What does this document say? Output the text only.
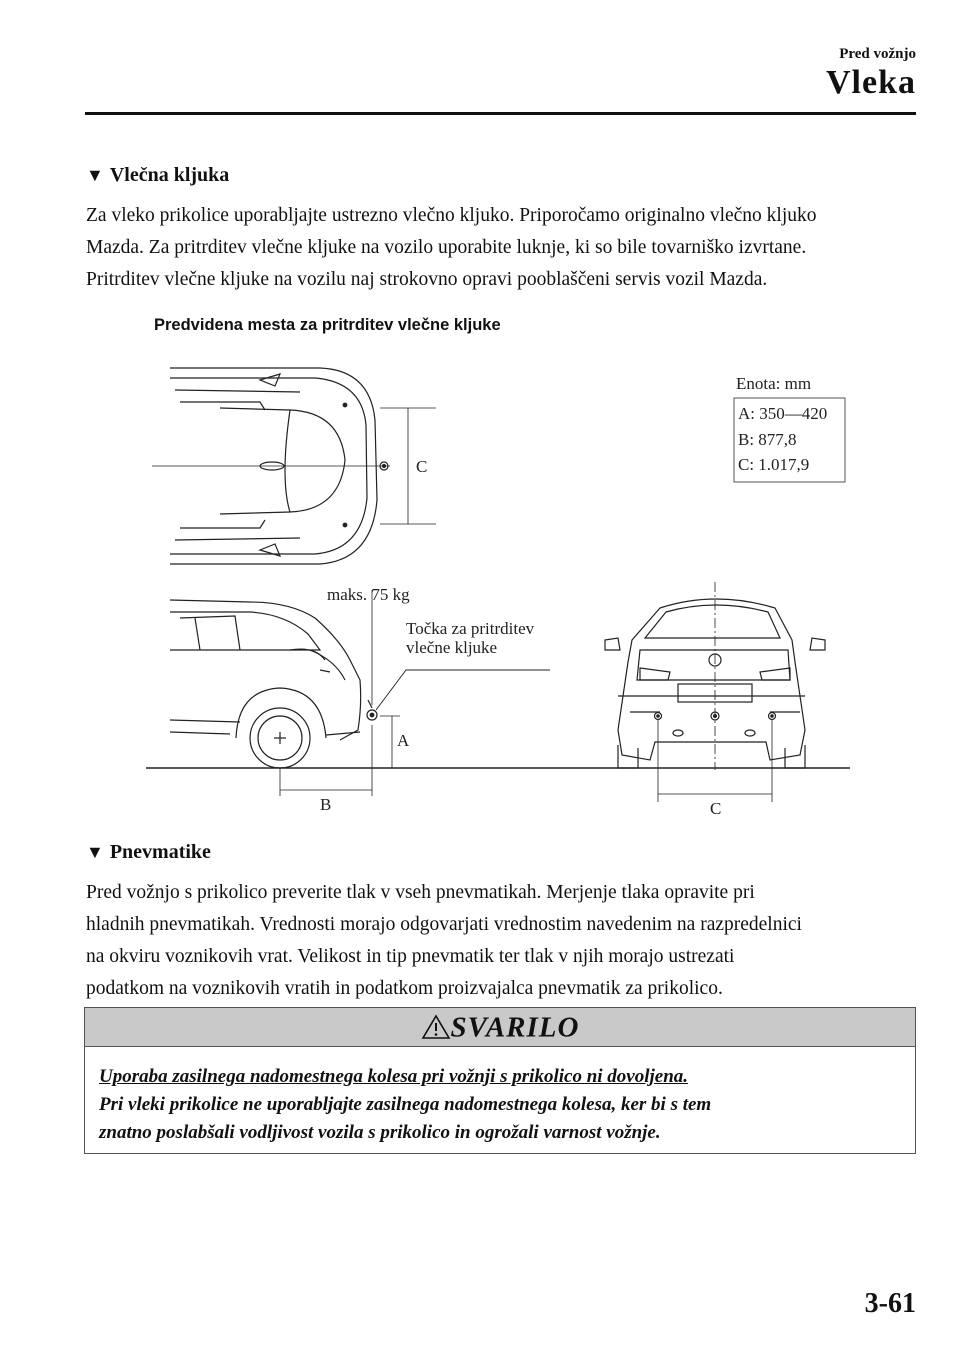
Pred vožnjo
Vleka
▼ Vlečna kljuka
Za vleko prikolice uporabljajte ustrezno vlečno kljuko. Priporočamo originalno vlečno kljuko
Mazda. Za pritrditev vlečne kljuke na vozilo uporabite luknje, ki so bile tovarniško izvrtane.
Pritrditev vlečne kljuke na vozilu naj strokovno opravi pooblaščeni servis vozil Mazda.
Predvidena mesta za pritrditev vlečne kljuke
C
Enota: mm
A: 350—420
B: 877,8
C: 1.017,9
maks. 75 kg
Točka za pritrditev
vlečne kljuke
A
B	C
▼ Pnevmatike
Pred vožnjo s prikolico preverite tlak v vseh pnevmatikah. Merjenje tlaka opravite pri
hladnih pnevmatikah. Vrednosti morajo odgovarjati vrednostim navedenim na razpredelnici
na okviru voznikovih vrat. Velikost in tip pnevmatik ter tlak v njih morajo ustrezati
podatkom na voznikovih vratih in podatkom proizvajalca pnevmatik za prikolico.
SVARILO
Uporaba zasilnega nadomestnega kolesa pri vožnji s prikolico ni dovoljena.
Pri vleki prikolice ne uporabljajte zasilnega nadomestnega kolesa, ker bi s tem
znatno poslabšali vodljivost vozila s prikolico in ogrožali varnost vožnje.
3-61
